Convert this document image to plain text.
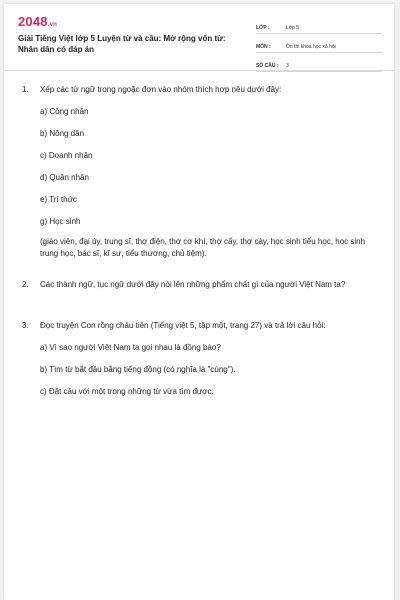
2048.vn
Giải Tiếng Việt lớp 5 Luyện từ và câu: Mở rộng vốn từ: Nhân dân có đáp án
LỚP :	Lớp 5
MÔN :	Ôn thi khoa học xã hội
SỐ CÂU :	3
1.	Xếp các từ ngữ trong ngoặc đơn vào nhóm thích hợp nêu dưới đây:
a) Công nhân
b) Nông dân
c) Doanh nhân
d) Quân nhân
e) Trí thức
g) Học sinh
(giáo viên, đại úy, trung sĩ, thợ điện, thợ cơ khí, thợ cấy, thợ cày, học sinh tiểu học, học sinh trung học, bác sĩ, kĩ sư, tiểu thương, chủ tiệm).
2.	Các thành ngữ, tục ngữ dưới đây nói lên những phẩm chất gì của người Việt Nam ta?
3.	Đọc truyện Con rồng cháu tiên (Tiếng việt 5, tập một, trang 27) và trả lời câu hỏi:
a) Vì sao người Việt Nam ta gọi nhau là đồng bào?
b) Tìm từ bắt đầu bằng tiếng đồng (có nghĩa là "cùng").
c) Đặt câu với một trong những từ vừa tìm được.
